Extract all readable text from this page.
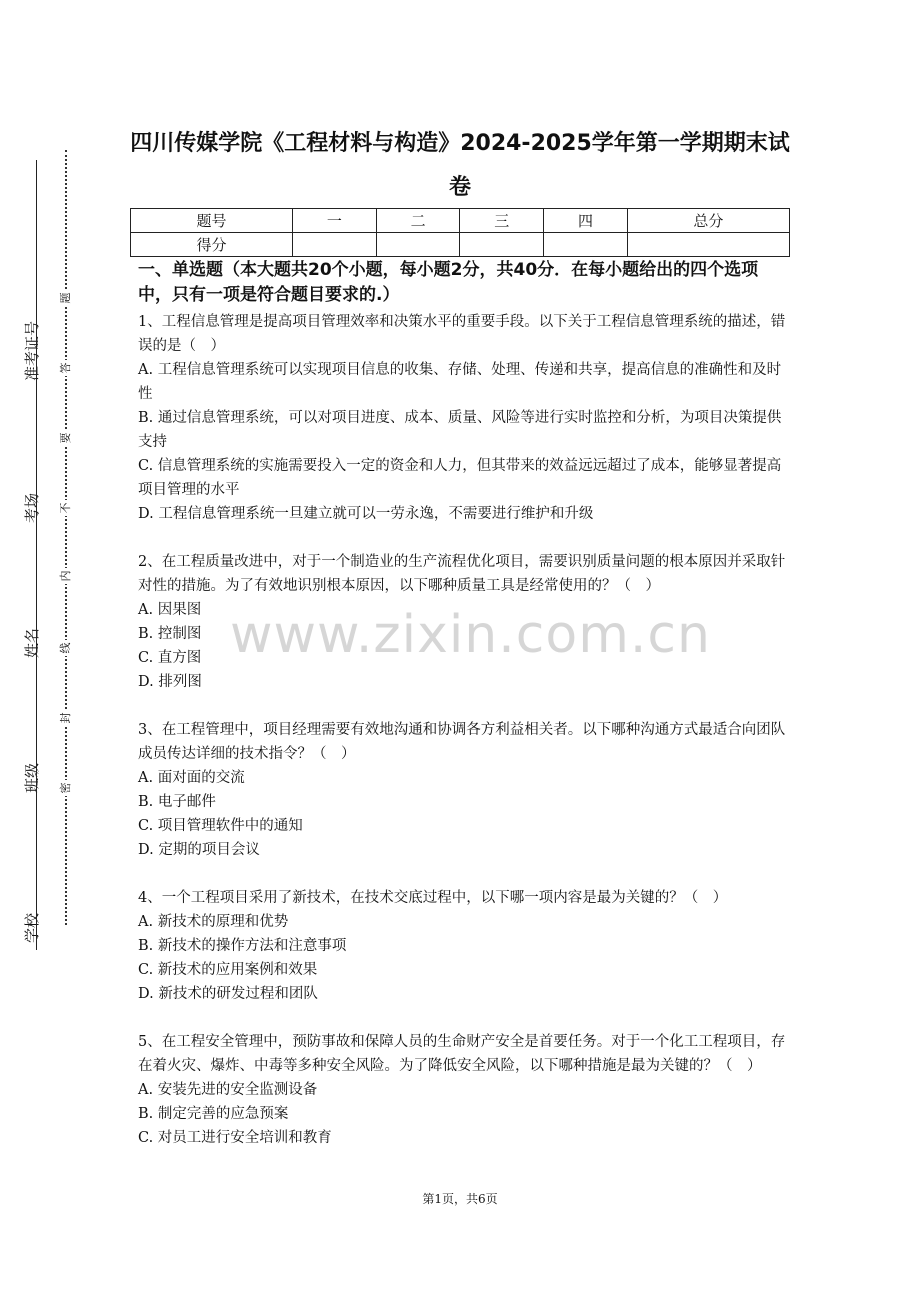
准考证号
考场
姓名
班级
学校
题
答
要
不
内
线
封
密
四川传媒学院《工程材料与构造》2024-2025学年第一学期期末试卷
题号	一	二	三	四	总分
得分					
www.zixin.com.cn
一、单选题（本大题共20个小题，每小题2分，共40分．在每小题给出的四个选项中，只有一项是符合题目要求的.）
1、工程信息管理是提高项目管理效率和决策水平的重要手段。以下关于工程信息管理系统的描述，错误的是（　）
A. 工程信息管理系统可以实现项目信息的收集、存储、处理、传递和共享，提高信息的准确性和及时性
B. 通过信息管理系统，可以对项目进度、成本、质量、风险等进行实时监控和分析，为项目决策提供支持
C. 信息管理系统的实施需要投入一定的资金和人力，但其带来的效益远远超过了成本，能够显著提高项目管理的水平
D. 工程信息管理系统一旦建立就可以一劳永逸，不需要进行维护和升级
2、在工程质量改进中，对于一个制造业的生产流程优化项目，需要识别质量问题的根本原因并采取针对性的措施。为了有效地识别根本原因，以下哪种质量工具是经常使用的？（　）
A. 因果图
B. 控制图
C. 直方图
D. 排列图
3、在工程管理中，项目经理需要有效地沟通和协调各方利益相关者。以下哪种沟通方式最适合向团队成员传达详细的技术指令？（　）
A. 面对面的交流
B. 电子邮件
C. 项目管理软件中的通知
D. 定期的项目会议
4、一个工程项目采用了新技术，在技术交底过程中，以下哪一项内容是最为关键的？（　）
A. 新技术的原理和优势
B. 新技术的操作方法和注意事项
C. 新技术的应用案例和效果
D. 新技术的研发过程和团队
5、在工程安全管理中，预防事故和保障人员的生命财产安全是首要任务。对于一个化工工程项目，存在着火灾、爆炸、中毒等多种安全风险。为了降低安全风险，以下哪种措施是最为关键的？（　）
A. 安装先进的安全监测设备
B. 制定完善的应急预案
C. 对员工进行安全培训和教育
第1页，共6页
